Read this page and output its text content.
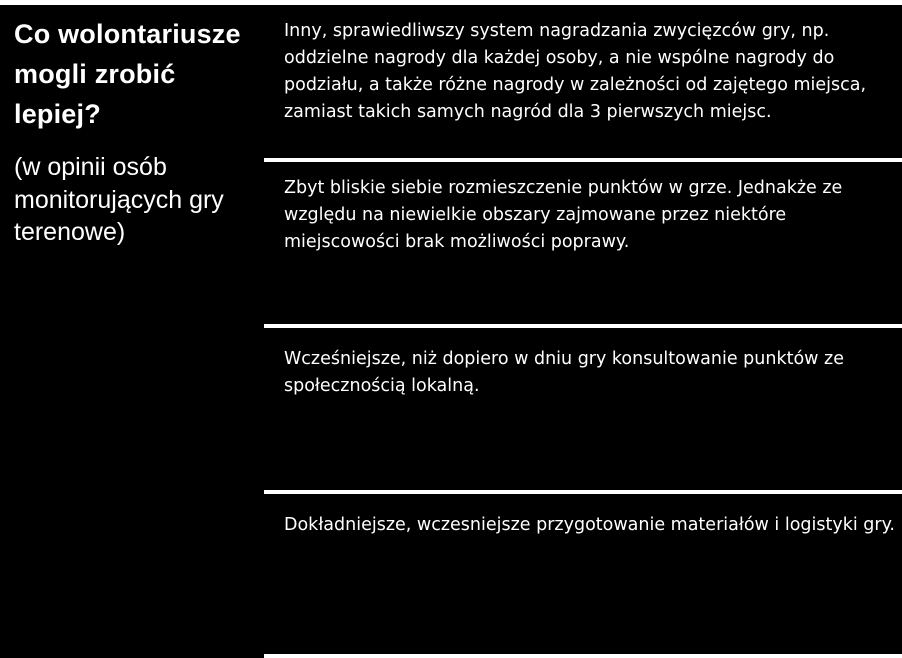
Co wolontariusze mogli zrobić lepiej?

(w opinii osób monitorujących gry terenowe)

Inny, sprawiedliwszy system nagradzania zwycięzców gry, np. oddzielne nagrody dla każdej osoby, a nie wspólne nagrody do podziału, a także różne nagrody w zależności od zajętego miejsca, zamiast takich samych nagród dla 3 pierwszych miejsc.

Zbyt bliskie siebie rozmieszczenie punktów w grze. Jednakże ze względu na niewielkie obszary zajmowane przez niektóre miejscowości brak możliwości poprawy.

Wcześniejsze, niż dopiero w dniu gry konsultowanie punktów ze społecznością lokalną.

Dokładniejsze, wczesniejsze przygotowanie materiałów i logistyki gry.
